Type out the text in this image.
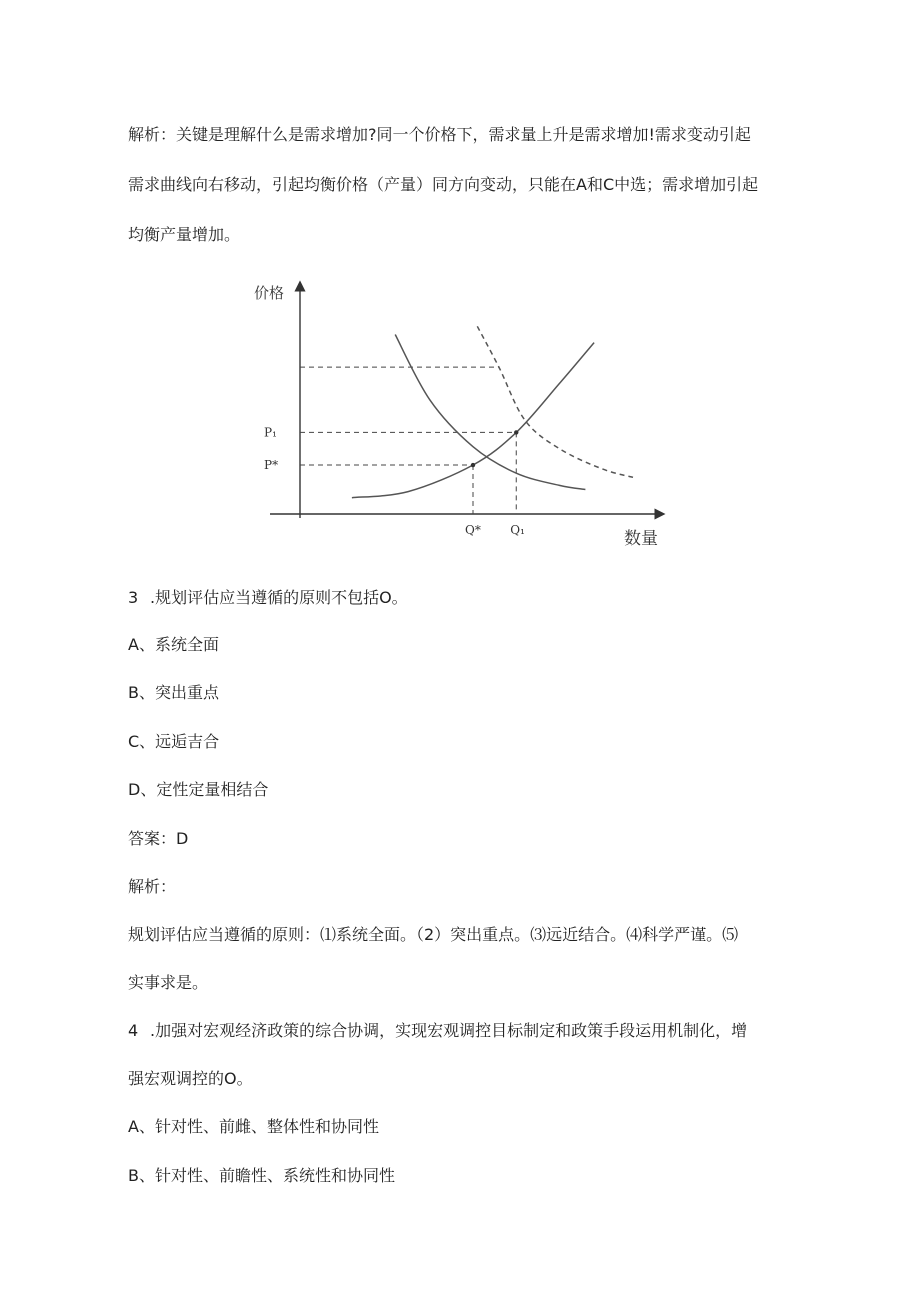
解析：关键是理解什么是需求增加?同一个价格下，需求量上升是需求增加!需求变动引起
需求曲线向右移动，引起均衡价格（产量）同方向变动，只能在A和C中选；需求增加引起
均衡产量增加。
价格
数量
P₁
P*
Q* Q₁
3 .规划评估应当遵循的原则不包括O。
A、系统全面
B、突出重点
C、远逅吉合
D、定性定量相结合
答案：D
解析：
规划评估应当遵循的原则：⑴系统全面。（2）突出重点。⑶远近结合。⑷科学严谨。⑸
实事求是。
4 .加强对宏观经济政策的综合协调，实现宏观调控目标制定和政策手段运用机制化，增
强宏观调控的O。
A、针对性、前雌、整体性和协同性
B、针对性、前瞻性、系统性和协同性
